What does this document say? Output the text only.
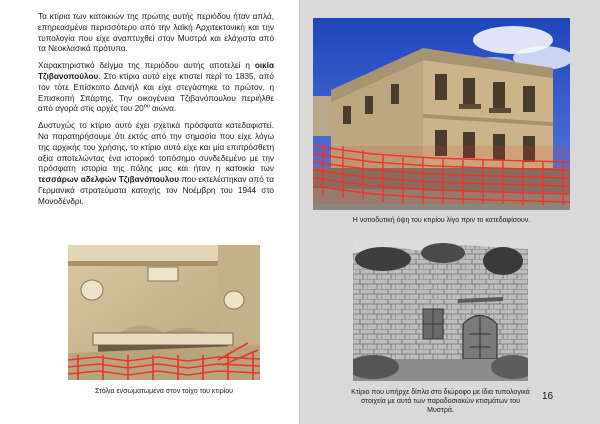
Τα κτίρια των κατοικιών της πρώτης αυτής περιόδου ήταν απλά, επηρεασμένα περισσότερο από την λαϊκή Αρχιτεκτονική και την τυπολογία που είχε αναπτυχθεί στον Μυστρά και ελάχιστα από τα Νεοκλασικά πρότυπα.

Χαρακτηριστικό δείγμα της περιόδου αυτής αποτελεί η οικία Τζιβανοπούλου. Στο κτίριο αυτό είχε κτιστεί περί το 1835, από τον τότε Επίσκοπο Δανιήλ και είχε στεγάστηκε το πρώτον, η Επισκοπή Σπάρτης. Την οικογένεια Τζιβανόπουλου περιήλθε από αγορά στις αρχές του $20^{o\upsilon}$ αιώνα.

Δυστυχώς το κτίριο αυτό έχει σχετικά πρόσφατα κατεδαφιστεί. Να παρατηρήσουμε ότι εκτός από την σημασία που είχε λόγω της αρχικής του χρήσης, το κτίριο αυτό είχε και μία επιπρόσθετη αξία αποτελώντας ένα ιστορικό τοπόσημο συνδεδεμένο με την πρόσφατη ιστορία της πόλης μας και ήταν η κατοικία των τεσσάρων αδελφών Τζιβανόπουλου που εκτελέστηκαν από τα Γερμανικά στρατεύματα κατοχής τον Νοέμβρη του 1944 στο Μονοδένδρι.

Στόλια ενσωματωμένα στον τοίχο του κτιρίου
Η νοτιοδυτική όψη του κτιρίου λίγο πριν το κατεδαφίσουν.
Κτίριο που υπήρχε δίπλα στο διώροφο με ίδια τυπολογικά στοιχεία με αυτά των παραδοσιακών κτισμάτων του Μυστρά.
16
